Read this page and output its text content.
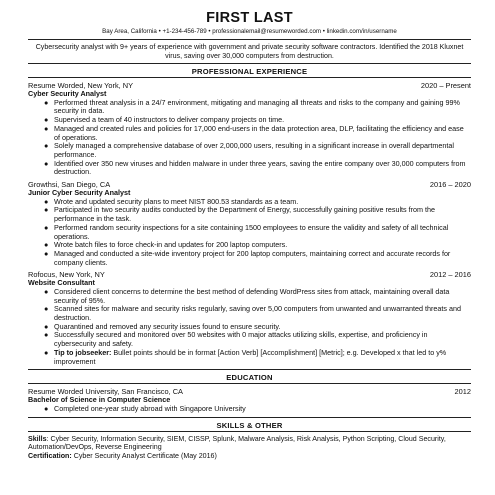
FIRST LAST
Bay Area, California • +1-234-456-789 • professionalemail@resumeworded.com • linkedin.com/in/username
Cybersecurity analyst with 9+ years of experience with government and private security software contractors. Identified the 2018 Kluxnet virus, saving over 30,000 computers from destruction.
PROFESSIONAL EXPERIENCE
Resume Worded, New York, NY	2020 – Present
Cyber Security Analyst
● Performed threat analysis in a 24/7 environment, mitigating and managing all threats and risks to the company and gaining 99% security in data.
● Supervised a team of 40 instructors to deliver company projects on time.
● Managed and created rules and policies for 17,000 end-users in the data protection area, DLP, facilitating the efficiency and ease of operations.
● Solely managed a comprehensive database of over 2,000,000 users, resulting in a significant increase in overall departmental performance.
● Identified over 350 new viruses and hidden malware in under three years, saving the entire company over 30,000 computers from destruction.
Growthsi, San Diego, CA	2016 – 2020
Junior Cyber Security Analyst
● Wrote and updated security plans to meet NIST 800.53 standards as a team.
● Participated in two security audits conducted by the Department of Energy, successfully gaining positive results from the performance in the task.
● Performed random security inspections for a site containing 1500 employees to ensure the validity and safety of all technical operations.
● Wrote batch files to force check-in and updates for 200 laptop computers.
● Managed and conducted a site-wide inventory project for 200 laptop computers, maintaining correct and accurate records for company clients.
Rofocus, New York, NY	2012 – 2016
Website Consultant
● Considered client concerns to determine the best method of defending WordPress sites from attack, maintaining overall data security of 95%.
● Scanned sites for malware and security risks regularly, saving over 5,00 computers from unwanted and unwarranted threats and destruction.
● Quarantined and removed any security issues found to ensure security.
● Successfully secured and monitored over 50 websites with 0 major attacks utilizing skills, expertise, and proficiency in cybersecurity and safety.
● Tip to jobseeker: Bullet points should be in format [Action Verb] [Accomplishment] [Metric]; e.g. Developed x that led to y% improvement
EDUCATION
Resume Worded University, San Francisco, CA	2012
Bachelor of Science in Computer Science
● Completed one-year study abroad with Singapore University
SKILLS & OTHER
Skills: Cyber Security, Information Security, SIEM, CISSP, Splunk, Malware Analysis, Risk Analysis, Python Scripting, Cloud Security, Automation/DevOps, Reverse Engineering
Certification: Cyber Security Analyst Certificate (May 2016)
